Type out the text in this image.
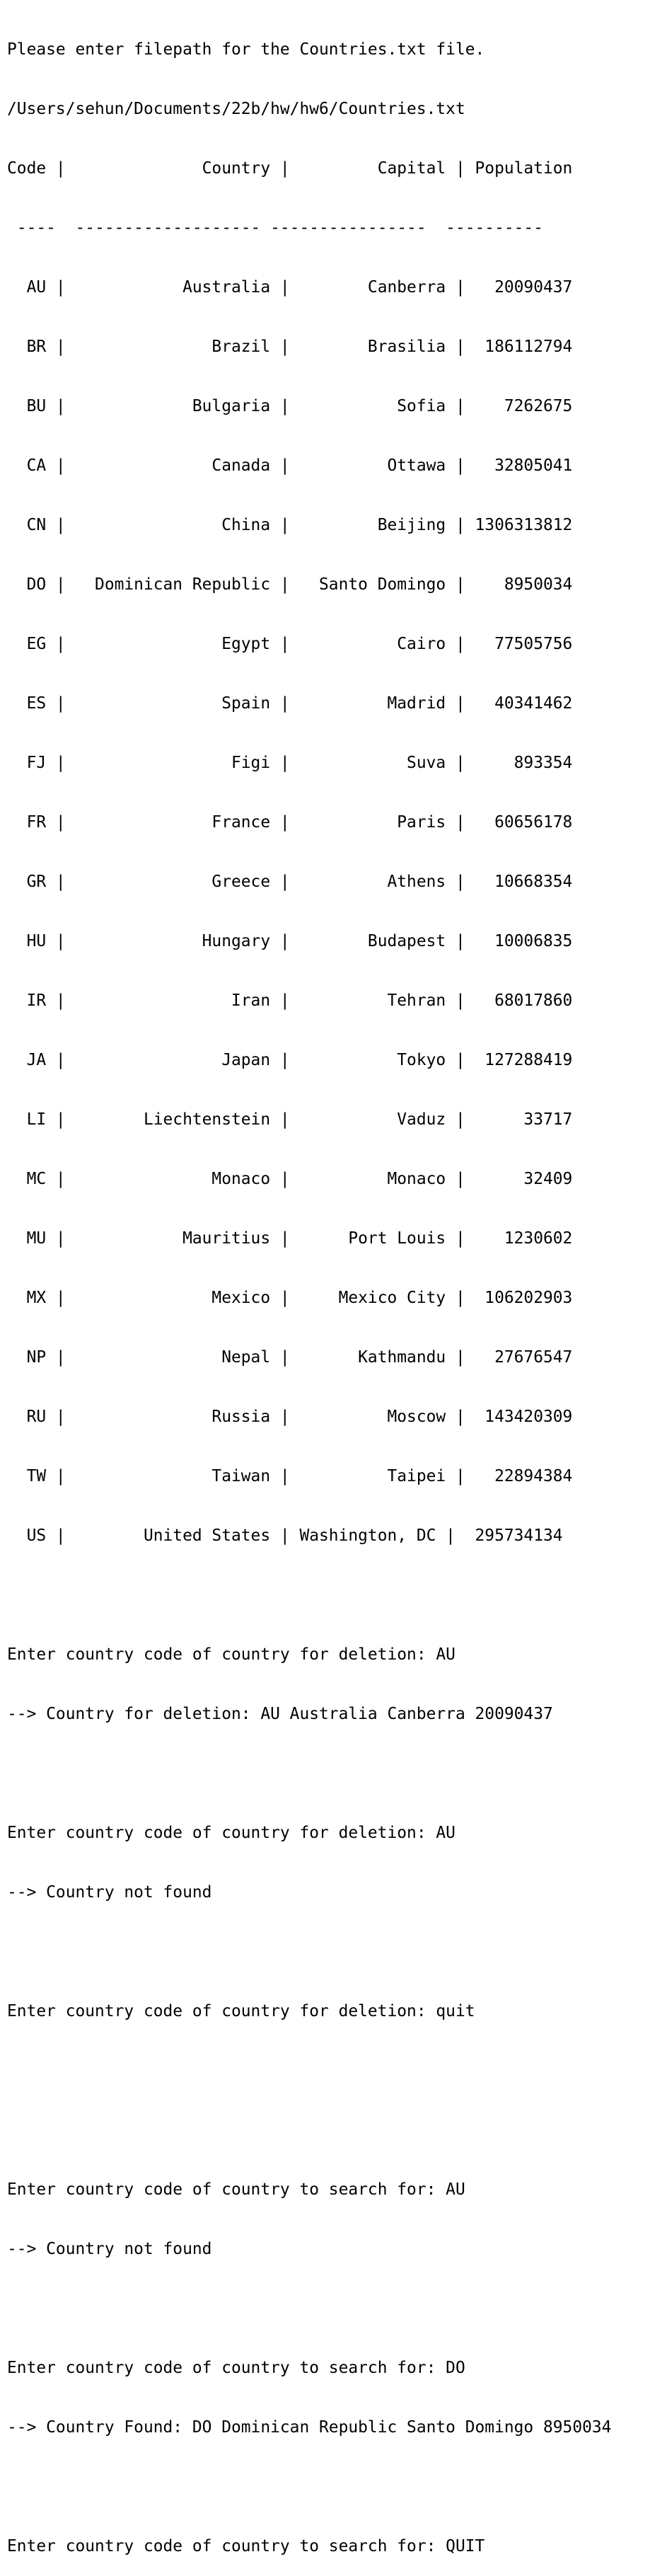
Please enter filepath for the Countries.txt file.

/Users/sehun/Documents/22b/hw/hw6/Countries.txt

Code |              Country |         Capital | Population

----  ------------------- ----------------  ----------

AU |            Australia |        Canberra |   20090437

BR |               Brazil |        Brasilia |  186112794

BU |             Bulgaria |           Sofia |    7262675

CA |               Canada |          Ottawa |   32805041

CN |                China |         Beijing | 1306313812

DO |   Dominican Republic |   Santo Domingo |    8950034

EG |                Egypt |           Cairo |   77505756

ES |                Spain |          Madrid |   40341462

FJ |                 Figi |            Suva |     893354

FR |               France |           Paris |   60656178

GR |               Greece |          Athens |   10668354

HU |              Hungary |        Budapest |   10006835

IR |                 Iran |          Tehran |   68017860

JA |                Japan |           Tokyo |  127288419

LI |        Liechtenstein |           Vaduz |      33717

MC |               Monaco |          Monaco |      32409

MU |            Mauritius |      Port Louis |    1230602

MX |               Mexico |     Mexico City |  106202903

NP |                Nepal |       Kathmandu |   27676547

RU |               Russia |          Moscow |  143420309

TW |               Taiwan |          Taipei |   22894384

US |        United States | Washington, DC |  295734134

Enter country code of country for deletion: AU

--> Country for deletion: AU Australia Canberra 20090437

Enter country code of country for deletion: AU

--> Country not found

Enter country code of country for deletion: quit

Enter country code of country to search for: AU

--> Country not found

Enter country code of country to search for: DO

--> Country Found: DO Dominican Republic Santo Domingo 8950034

Enter country code of country to search for: QUIT
